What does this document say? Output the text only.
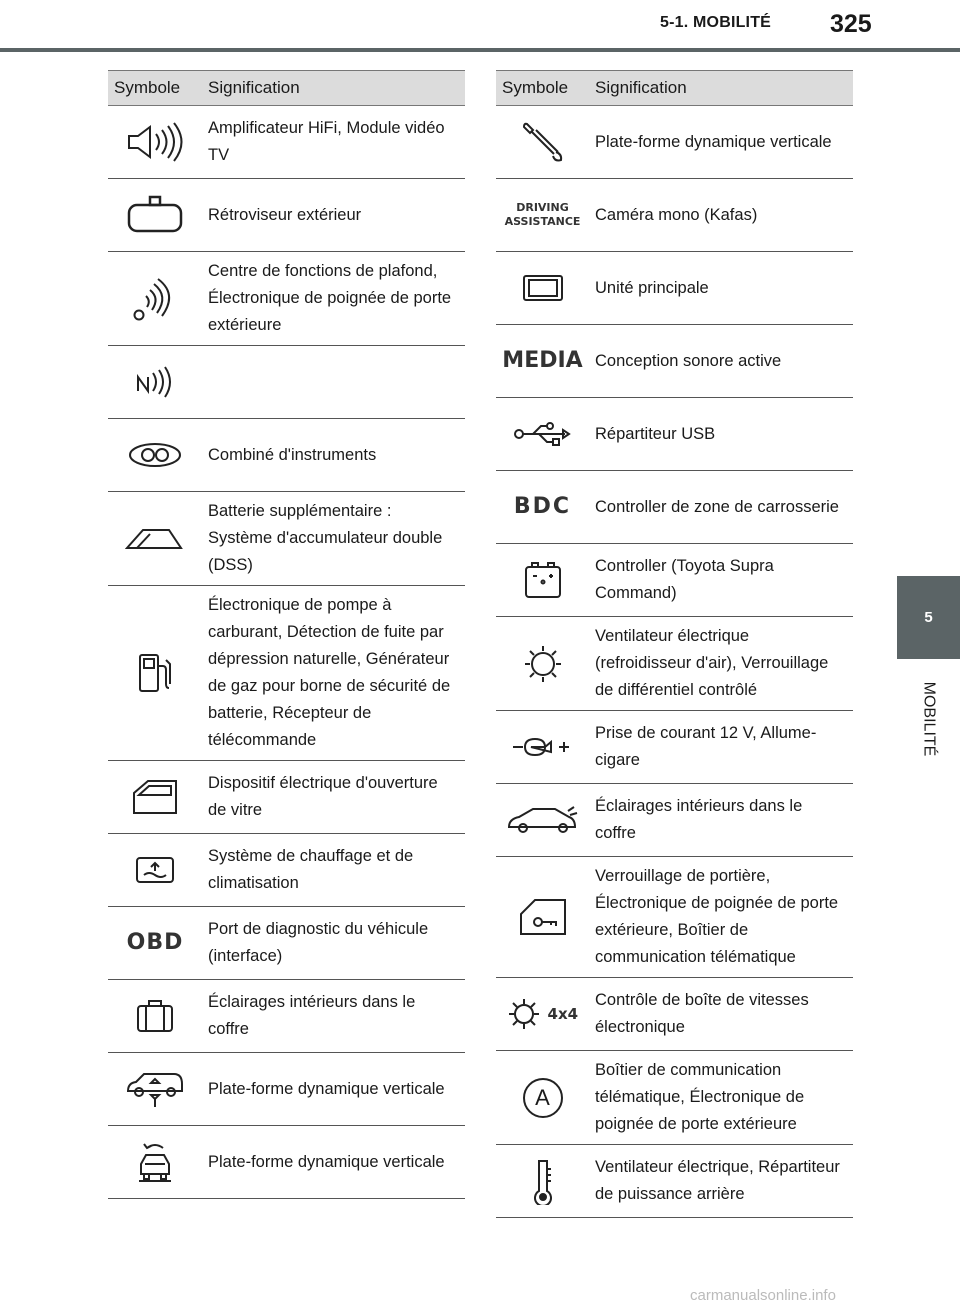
5-1. MOBILITÉ 325
5
MOBILITÉ
Symbole	Signification
	Amplificateur HiFi, Module vidéo TV
	Rétroviseur extérieur
	Centre de fonctions de plafond, Électronique de poignée de porte extérieure

	Combiné d'instruments
	Batterie supplémentaire : Système d'accumulateur double (DSS)
	Électronique de pompe à carburant, Détection de fuite par dépression naturelle, Générateur de gaz pour borne de sécurité de batterie, Récepteur de télécommande
	Dispositif électrique d'ouverture de vitre
	Système de chauffage et de climatisation
OBD	Port de diagnostic du véhicule (interface)
	Éclairages intérieurs dans le coffre
	Plate-forme dynamique verticale
	Plate-forme dynamique verticale
Symbole	Signification
	Plate-forme dynamique verticale

DRIVING
ASSISTANCE	Caméra mono (Kafas)
	Unité principale
MEDIA	Conception sonore active
	Répartiteur USB
BDC	Controller de zone de carrosserie
	Controller (Toyota Supra Command)
	Ventilateur électrique (refroidisseur d'air), Verrouillage de différentiel contrôlé
	Prise de courant 12 V, Allume-cigare
	Éclairages intérieurs dans le coffre
	Verrouillage de portière, Électronique de poignée de porte extérieure, Boîtier de communication télématique
4x4	Contrôle de boîte de vitesses électronique
A	Boîtier de communication télématique, Électronique de poignée de porte extérieure
	Ventilateur électrique, Répartiteur de puissance arrière
carmanualsonline.info
